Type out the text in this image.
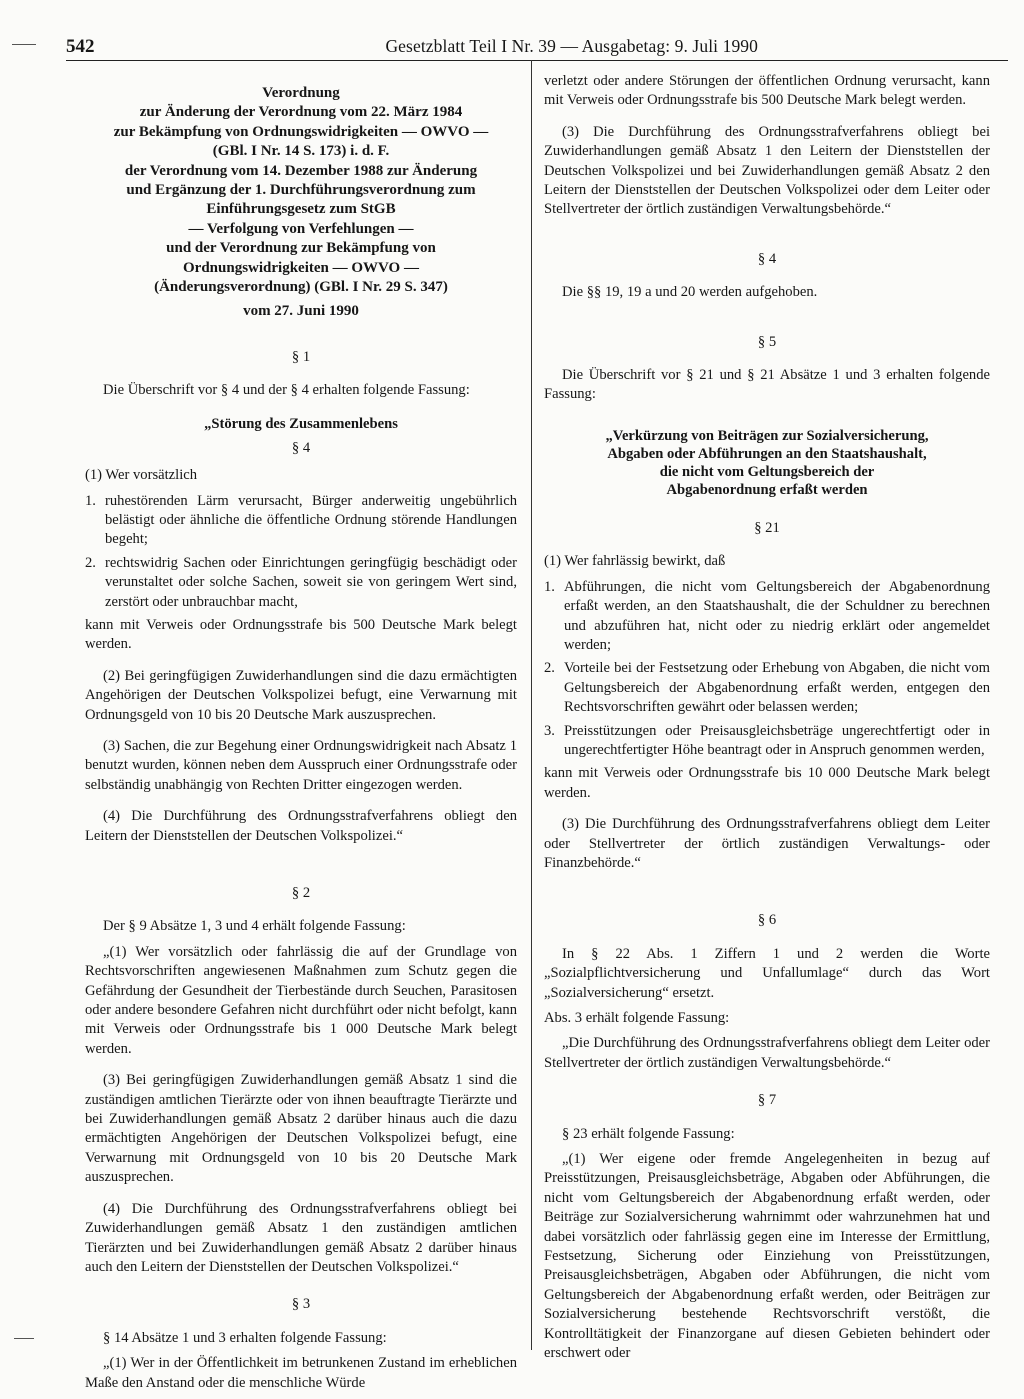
542	Gesetzblatt Teil I Nr. 39 — Ausgabetag: 9. Juli 1990
Verordnung
zur Änderung der Verordnung vom 22. März 1984
zur Bekämpfung von Ordnungswidrigkeiten — OWVO —
(GBl. I Nr. 14 S. 173) i. d. F.
der Verordnung vom 14. Dezember 1988 zur Änderung
und Ergänzung der 1. Durchführungsverordnung zum
Einführungsgesetz zum StGB
— Verfolgung von Verfehlungen —
und der Verordnung zur Bekämpfung von
Ordnungswidrigkeiten — OWVO —
(Änderungsverordnung) (GBl. I Nr. 29 S. 347)
vom 27. Juni 1990
§ 1

Die Überschrift vor § 4 und der § 4 erhalten folgende Fassung:

„Störung des Zusammenlebens
§ 4

(1) Wer vorsätzlich

1. ruhestörenden Lärm verursacht, Bürger anderweitig ungebührlich belästigt oder ähnliche die öffentliche Ordnung störende Handlungen begeht;
2. rechtswidrig Sachen oder Einrichtungen geringfügig beschädigt oder verunstaltet oder solche Sachen, soweit sie von geringem Wert sind, zerstört oder unbrauchbar macht,

kann mit Verweis oder Ordnungsstrafe bis 500 Deutsche Mark belegt werden.

(2) Bei geringfügigen Zuwiderhandlungen sind die dazu ermächtigten Angehörigen der Deutschen Volkspolizei befugt, eine Verwarnung mit Ordnungsgeld von 10 bis 20 Deutsche Mark auszusprechen.

(3) Sachen, die zur Begehung einer Ordnungswidrigkeit nach Absatz 1 benutzt wurden, können neben dem Ausspruch einer Ordnungsstrafe oder selbständig unabhängig von Rechten Dritter eingezogen werden.

(4) Die Durchführung des Ordnungsstrafverfahrens obliegt den Leitern der Dienststellen der Deutschen Volkspolizei.“

§ 2

Der § 9 Absätze 1, 3 und 4 erhält folgende Fassung:

„(1) Wer vorsätzlich oder fahrlässig die auf der Grundlage von Rechtsvorschriften angewiesenen Maßnahmen zum Schutz gegen die Gefährdung der Gesundheit der Tierbestände durch Seuchen, Parasitosen oder andere besondere Gefahren nicht durchführt oder nicht befolgt, kann mit Verweis oder Ordnungsstrafe bis 1 000 Deutsche Mark belegt werden.

(3) Bei geringfügigen Zuwiderhandlungen gemäß Absatz 1 sind die zuständigen amtlichen Tierärzte oder von ihnen beauftragte Tierärzte und bei Zuwiderhandlungen gemäß Absatz 2 darüber hinaus auch die dazu ermächtigten Angehörigen der Deutschen Volkspolizei befugt, eine Verwarnung mit Ordnungsgeld von 10 bis 20 Deutsche Mark auszusprechen.

(4) Die Durchführung des Ordnungsstrafverfahrens obliegt bei Zuwiderhandlungen gemäß Absatz 1 den zuständigen amtlichen Tierärzten und bei Zuwiderhandlungen gemäß Absatz 2 darüber hinaus auch den Leitern der Dienststellen der Deutschen Volkspolizei.“

§ 3

§ 14 Absätze 1 und 3 erhalten folgende Fassung:

„(1) Wer in der Öffentlichkeit im betrunkenen Zustand im erheblichen Maße den Anstand oder die menschliche Würde

verletzt oder andere Störungen der öffentlichen Ordnung verursacht, kann mit Verweis oder Ordnungsstrafe bis 500 Deutsche Mark belegt werden.

(3) Die Durchführung des Ordnungsstrafverfahrens obliegt bei Zuwiderhandlungen gemäß Absatz 1 den Leitern der Dienststellen der Deutschen Volkspolizei und bei Zuwiderhandlungen gemäß Absatz 2 den Leitern der Dienststellen der Deutschen Volkspolizei oder dem Leiter oder Stellvertreter der örtlich zuständigen Verwaltungsbehörde.“

§ 4

Die §§ 19, 19 a und 20 werden aufgehoben.

§ 5

Die Überschrift vor § 21 und § 21 Absätze 1 und 3 erhalten folgende Fassung:

„Verkürzung von Beiträgen zur Sozialversicherung,
Abgaben oder Abführungen an den Staatshaushalt,
die nicht vom Geltungsbereich der
Abgabenordnung erfaßt werden
§ 21

(1) Wer fahrlässig bewirkt, daß

1. Abführungen, die nicht vom Geltungsbereich der Abgabenordnung erfaßt werden, an den Staatshaushalt, die der Schuldner zu berechnen und abzuführen hat, nicht oder zu niedrig erklärt oder angemeldet werden;
2. Vorteile bei der Festsetzung oder Erhebung von Abgaben, die nicht vom Geltungsbereich der Abgabenordnung erfaßt werden, entgegen den Rechtsvorschriften gewährt oder belassen werden;
3. Preisstützungen oder Preisausgleichsbeträge ungerechtfertigt oder in ungerechtfertigter Höhe beantragt oder in Anspruch genommen werden,

kann mit Verweis oder Ordnungsstrafe bis 10 000 Deutsche Mark belegt werden.

(3) Die Durchführung des Ordnungsstrafverfahrens obliegt dem Leiter oder Stellvertreter der örtlich zuständigen Verwaltungs- oder Finanzbehörde.“

§ 6

In § 22 Abs. 1 Ziffern 1 und 2 werden die Worte „Sozialpflichtversicherung und Unfallumlage“ durch das Wort „Sozialversicherung“ ersetzt.

Abs. 3 erhält folgende Fassung:

„Die Durchführung des Ordnungsstrafverfahrens obliegt dem Leiter oder Stellvertreter der örtlich zuständigen Verwaltungsbehörde.“

§ 7

§ 23 erhält folgende Fassung:

„(1) Wer eigene oder fremde Angelegenheiten in bezug auf Preisstützungen, Preisausgleichsbeträge, Abgaben oder Abführungen, die nicht vom Geltungsbereich der Abgabenordnung erfaßt werden, oder Beiträge zur Sozialversicherung wahrnimmt oder wahrzunehmen hat und dabei vorsätzlich oder fahrlässig gegen eine im Interesse der Ermittlung, Festsetzung, Sicherung oder Einziehung von Preisstützungen, Preisausgleichsbeträgen, Abgaben oder Abführungen, die nicht vom Geltungsbereich der Abgabenordnung erfaßt werden, oder Beiträgen zur Sozialversicherung bestehende Rechtsvorschrift verstößt, die Kontrolltätigkeit der Finanzorgane auf diesen Gebieten behindert oder erschwert oder
